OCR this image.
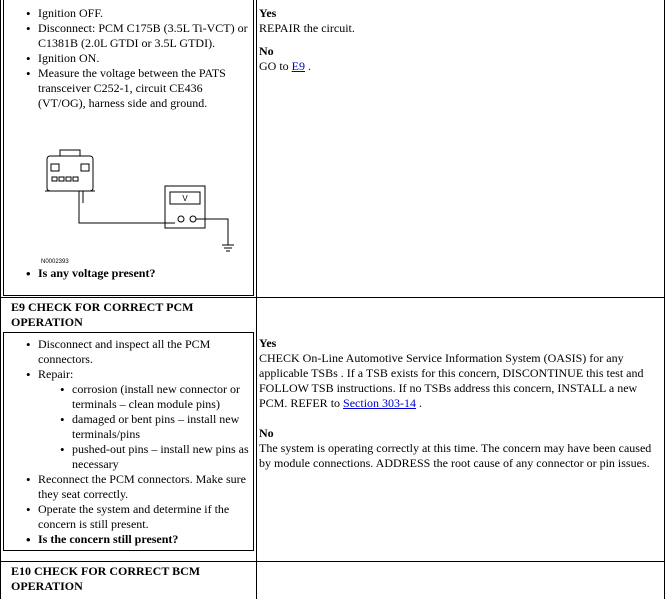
• Ignition OFF.
• Disconnect: PCM C175B (3.5L Ti-VCT) or C1381B (2.0L GTDI or 3.5L GTDI).
• Ignition ON.
• Measure the voltage between the PATS transceiver C252-1, circuit CE436 (VT/OG), harness side and ground.
V
N0002393
• Is any voltage present?
Yes
REPAIR the circuit.
No
GO to E9 .
E9 CHECK FOR CORRECT PCM OPERATION
• Disconnect and inspect all the PCM connectors.
• Repair:
• corrosion (install new connector or terminals – clean module pins)
• damaged or bent pins – install new terminals/pins
• pushed-out pins – install new pins as necessary
• Reconnect the PCM connectors. Make sure they seat correctly.
• Operate the system and determine if the concern is still present.
• Is the concern still present?
Yes
CHECK On-Line Automotive Service Information System (OASIS) for any applicable TSBs . If a TSB exists for this concern, DISCONTINUE this test and FOLLOW TSB instructions. If no TSBs address this concern, INSTALL a new PCM. REFER to Section 303-14 .
No
The system is operating correctly at this time. The concern may have been caused by module connections. ADDRESS the root cause of any connector or pin issues.
E10 CHECK FOR CORRECT BCM OPERATION
